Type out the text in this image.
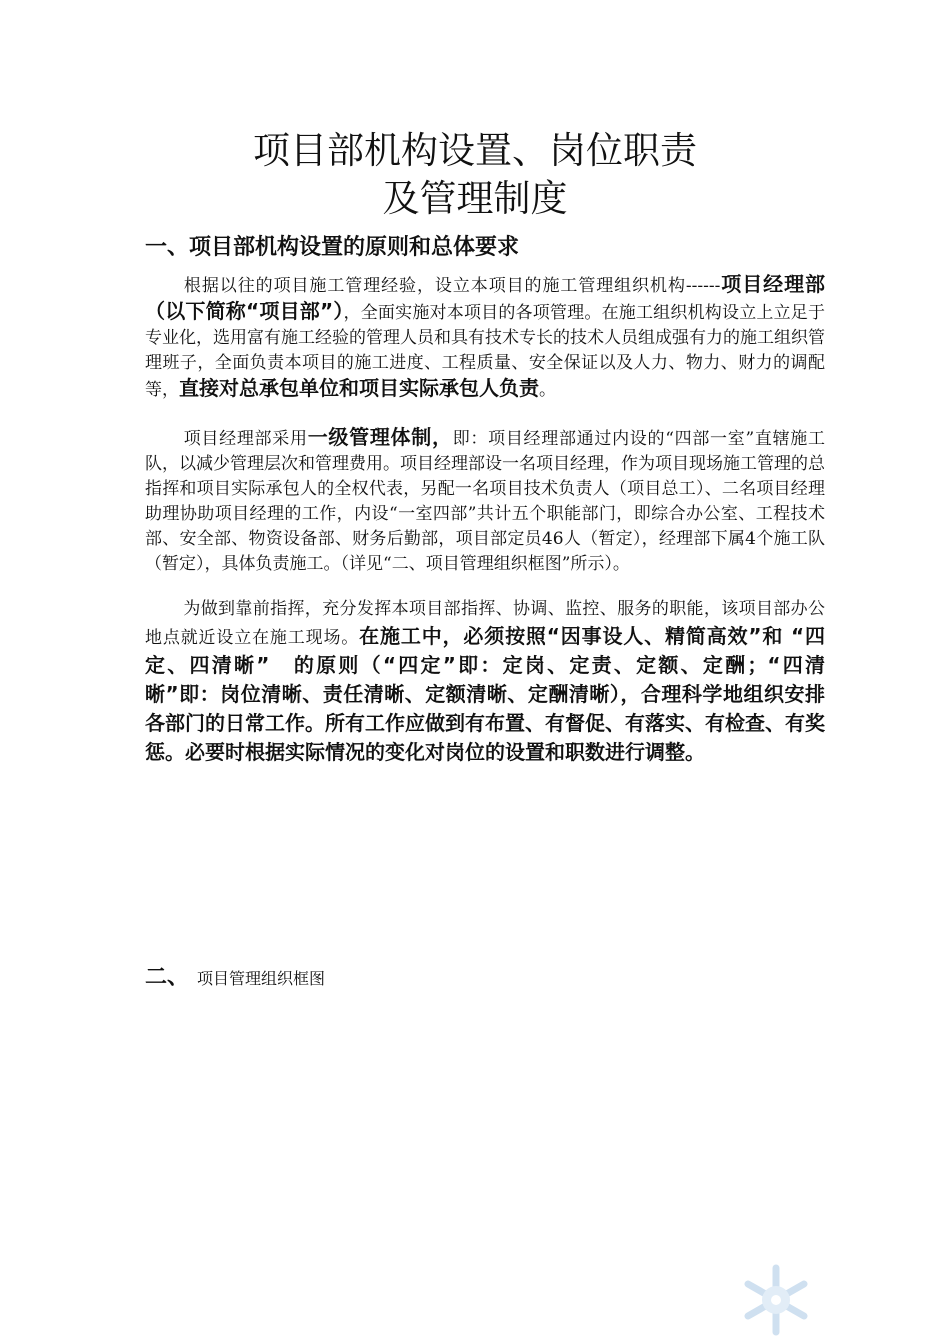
项目部机构设置、岗位职责
及管理制度
一、项目部机构设置的原则和总体要求

根据以往的项目施工管理经验，设立本项目的施工管理组织机构------项目经理部（以下简称“项目部”），全面实施对本项目的各项管理。在施工组织机构设立上立足于专业化，选用富有施工经验的管理人员和具有技术专长的技术人员组成强有力的施工组织管理班子，全面负责本项目的施工进度、工程质量、安全保证以及人力、物力、财力的调配等，直接对总承包单位和项目实际承包人负责。

项目经理部采用一级管理体制，即：项目经理部通过内设的“四部一室”直辖施工队，以减少管理层次和管理费用。项目经理部设一名项目经理，作为项目现场施工管理的总指挥和项目实际承包人的全权代表，另配一名项目技术负责人（项目总工）、二名项目经理助理协助项目经理的工作，内设“一室四部”共计五个职能部门，即综合办公室、工程技术部、安全部、物资设备部、财务后勤部，项目部定员46人（暂定），经理部下属4个施工队（暂定），具体负责施工。（详见“二、项目管理组织框图”所示）。

为做到靠前指挥，充分发挥本项目部指挥、协调、监控、服务的职能，该项目部办公地点就近设立在施工现场。在施工中，必须按照“因事设人、精简高效”和 “四定、四清晰”　的原则（“四定”即：定岗、定责、定额、定酬；“四清晰”即：岗位清晰、责任清晰、定额清晰、定酬清晰），合理科学地组织安排各部门的日常工作。所有工作应做到有布置、有督促、有落实、有检查、有奖惩。必要时根据实际情况的变化对岗位的设置和职数进行调整。

二、 项目管理组织框图
